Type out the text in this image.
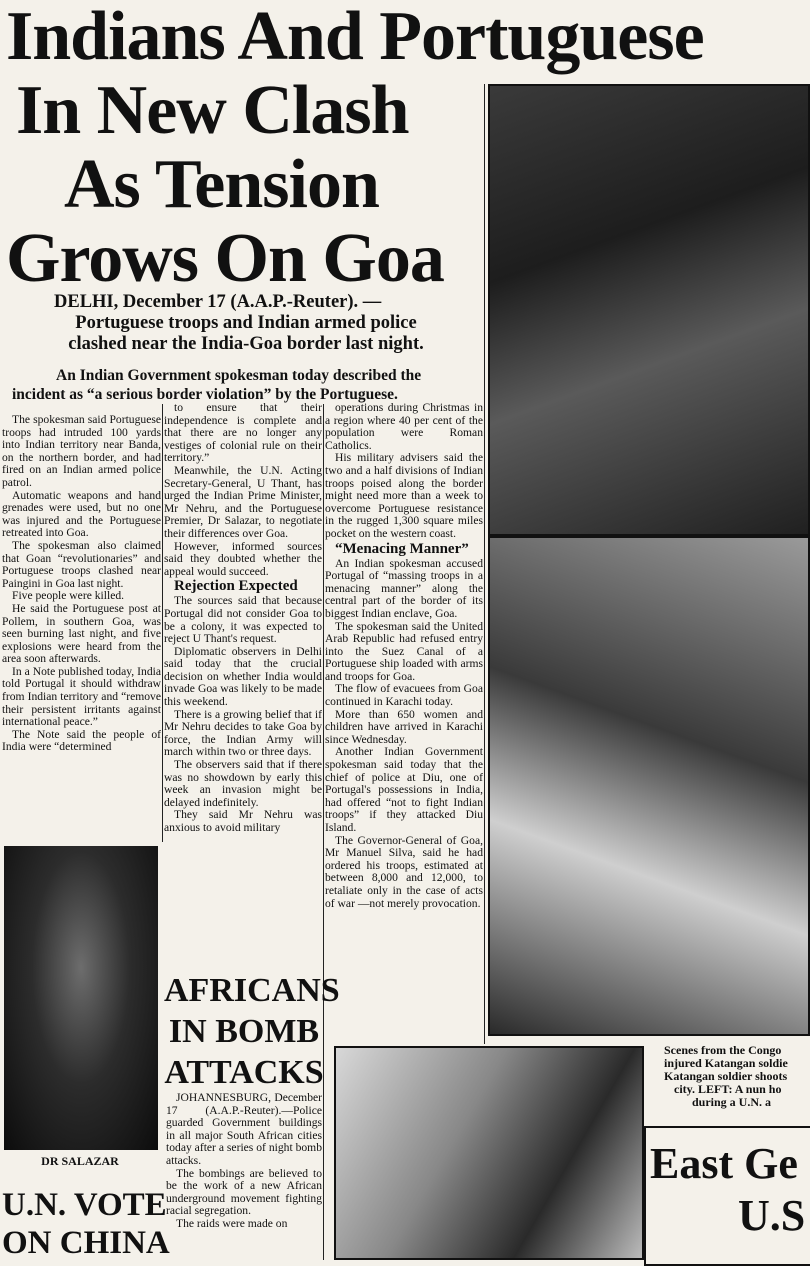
Indians And Portuguese
In New Clash
As Tension
Grows On Goa
DELHI, December 17 (A.A.P.-Reuter). —
Portuguese troops and Indian armed police
clashed near the India-Goa border last night.
An Indian Government spokesman today described the
incident as “a serious border violation” by the Portuguese.

The spokesman said Portuguese troops had intruded 100 yards into Indian territory near Banda, on the northern border, and had fired on an Indian armed police patrol.

Automatic weapons and hand grenades were used, but no one was injured and the Portuguese retreated into Goa.

The spokesman also claimed that Goan “revolutionaries” and Portuguese troops clashed near Paingini in Goa last night.

Five people were killed.

He said the Portuguese post at Pollem, in southern Goa, was seen burning last night, and five explosions were heard from the area soon afterwards.

In a Note published today, India told Portugal it should withdraw from Indian territory and “remove their persistent irritants against international peace.”

The Note said the people of India were “determined

to ensure that their independence is complete and that there are no longer any vestiges of colonial rule on their territory.”

Meanwhile, the U.N. Acting Secretary-General, U Thant, has urged the Indian Prime Minister, Mr Nehru, and the Portuguese Premier, Dr Salazar, to negotiate their differences over Goa.

However, informed sources said they doubted whether the appeal would succeed.

Rejection Expected

The sources said that because Portugal did not consider Goa to be a colony, it was expected to reject U Thant's request.

Diplomatic observers in Delhi said today that the crucial decision on whether India would invade Goa was likely to be made this weekend.

There is a growing belief that if Mr Nehru decides to take Goa by force, the Indian Army will march within two or three days.

The observers said that if there was no showdown by early this week an invasion might be delayed indefinitely.

They said Mr Nehru was anxious to avoid military

operations during Christmas in a region where 40 per cent of the population were Roman Catholics.

His military advisers said the two and a half divisions of Indian troops poised along the border might need more than a week to overcome Portuguese resistance in the rugged 1,300 square miles pocket on the western coast.

“Menacing Manner”

An Indian spokesman accused Portugal of “massing troops in a menacing manner” along the central part of the border of its biggest Indian enclave, Goa.

The spokesman said the United Arab Republic had refused entry into the Suez Canal of a Portuguese ship loaded with arms and troops for Goa.

The flow of evacuees from Goa continued in Karachi today.

More than 650 women and children have arrived in Karachi since Wednesday.

Another Indian Government spokesman said today that the chief of police at Diu, one of Portugal's possessions in India, had offered “not to fight Indian troops” if they attacked Diu Island.

The Governor-General of Goa, Mr Manuel Silva, said he had ordered his troops, estimated at between 8,000 and 12,000, to retaliate only in the case of acts of war —not merely provocation.

Scenes from the Congo
injured Katangan soldie
Katangan soldier shoots
city. LEFT: A nun ho
during a U.N. a
DR SALAZAR
U.N. VOTE
ON CHINA
AFRICANS
IN BOMB
ATTACKS

JOHANNESBURG, December 17 (A.A.P.-Reuter).—Police guarded Government buildings in all major South African cities today after a series of night bomb attacks.

The bombings are believed to be the work of a new African underground movement fighting racial segregation.

The raids were made on

East Ge
U.S
